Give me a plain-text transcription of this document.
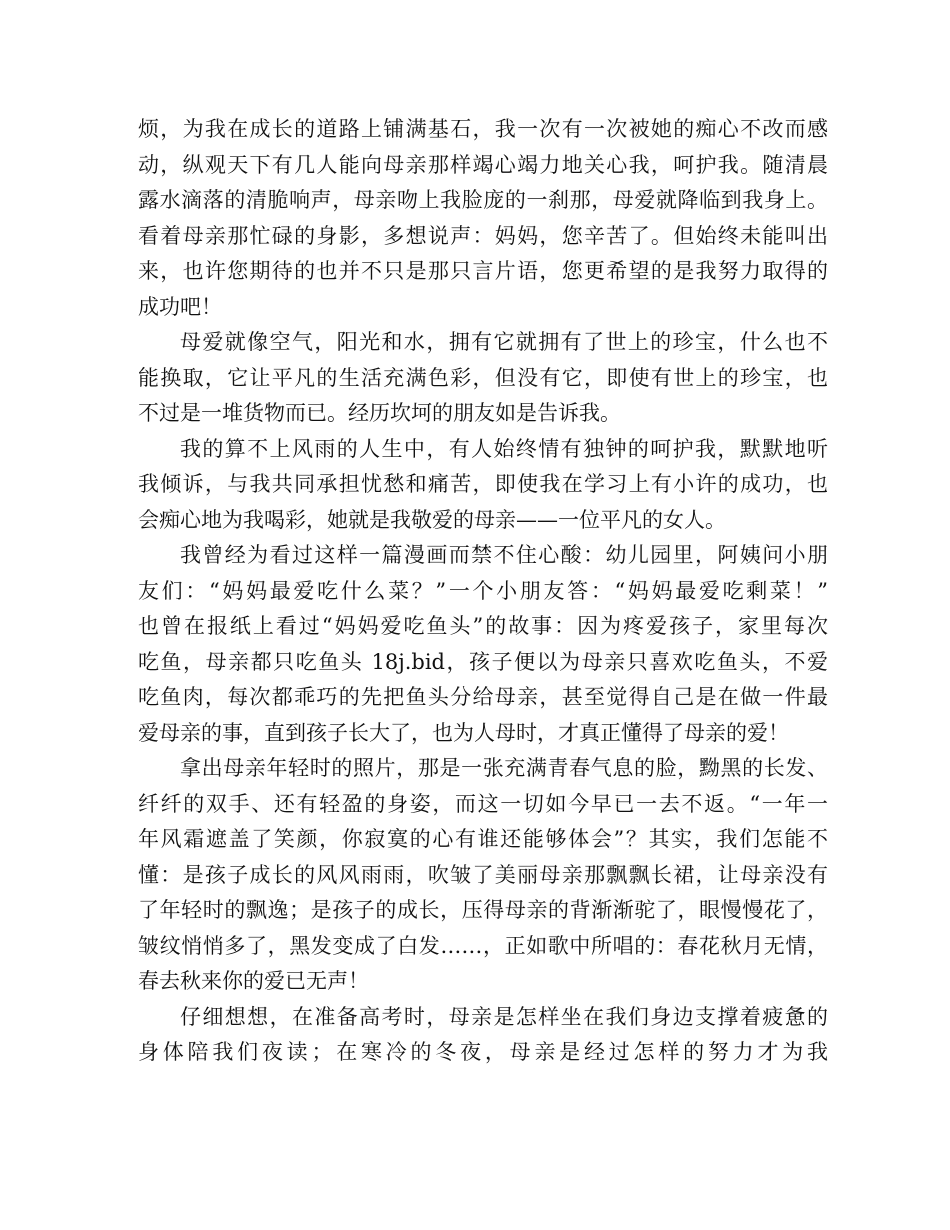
烦，为我在成长的道路上铺满基石，我一次有一次被她的痴心不改而感
动，纵观天下有几人能向母亲那样竭心竭力地关心我，呵护我。随清晨
露水滴落的清脆响声，母亲吻上我脸庞的一刹那，母爱就降临到我身上。
看着母亲那忙碌的身影，多想说声：妈妈，您辛苦了。但始终未能叫出
来，也许您期待的也并不只是那只言片语，您更希望的是我努力取得的
成功吧！
母爱就像空气，阳光和水，拥有它就拥有了世上的珍宝，什么也不
能换取，它让平凡的生活充满色彩，但没有它，即使有世上的珍宝，也
不过是一堆货物而已。经历坎坷的朋友如是告诉我。
我的算不上风雨的人生中，有人始终情有独钟的呵护我，默默地听
我倾诉，与我共同承担忧愁和痛苦，即使我在学习上有小许的成功，也
会痴心地为我喝彩，她就是我敬爱的母亲——一位平凡的女人。
我曾经为看过这样一篇漫画而禁不住心酸：幼儿园里，阿姨问小朋
友们：“妈妈最爱吃什么菜？”一个小朋友答：“妈妈最爱吃剩菜！”
也曾在报纸上看过“妈妈爱吃鱼头”的故事：因为疼爱孩子，家里每次
吃鱼，母亲都只吃鱼头 18j.bid，孩子便以为母亲只喜欢吃鱼头，不爱
吃鱼肉，每次都乖巧的先把鱼头分给母亲，甚至觉得自己是在做一件最
爱母亲的事，直到孩子长大了，也为人母时，才真正懂得了母亲的爱！
拿出母亲年轻时的照片，那是一张充满青春气息的脸，黝黑的长发、
纤纤的双手、还有轻盈的身姿，而这一切如今早已一去不返。“一年一
年风霜遮盖了笑颜，你寂寞的心有谁还能够体会”？其实，我们怎能不
懂：是孩子成长的风风雨雨，吹皱了美丽母亲那飘飘长裙，让母亲没有
了年轻时的飘逸；是孩子的成长，压得母亲的背渐渐驼了，眼慢慢花了，
皱纹悄悄多了，黑发变成了白发……，正如歌中所唱的：春花秋月无情，
春去秋来你的爱已无声！
仔细想想，在准备高考时，母亲是怎样坐在我们身边支撑着疲惫的
身体陪我们夜读；在寒冷的冬夜，母亲是经过怎样的努力才为我
